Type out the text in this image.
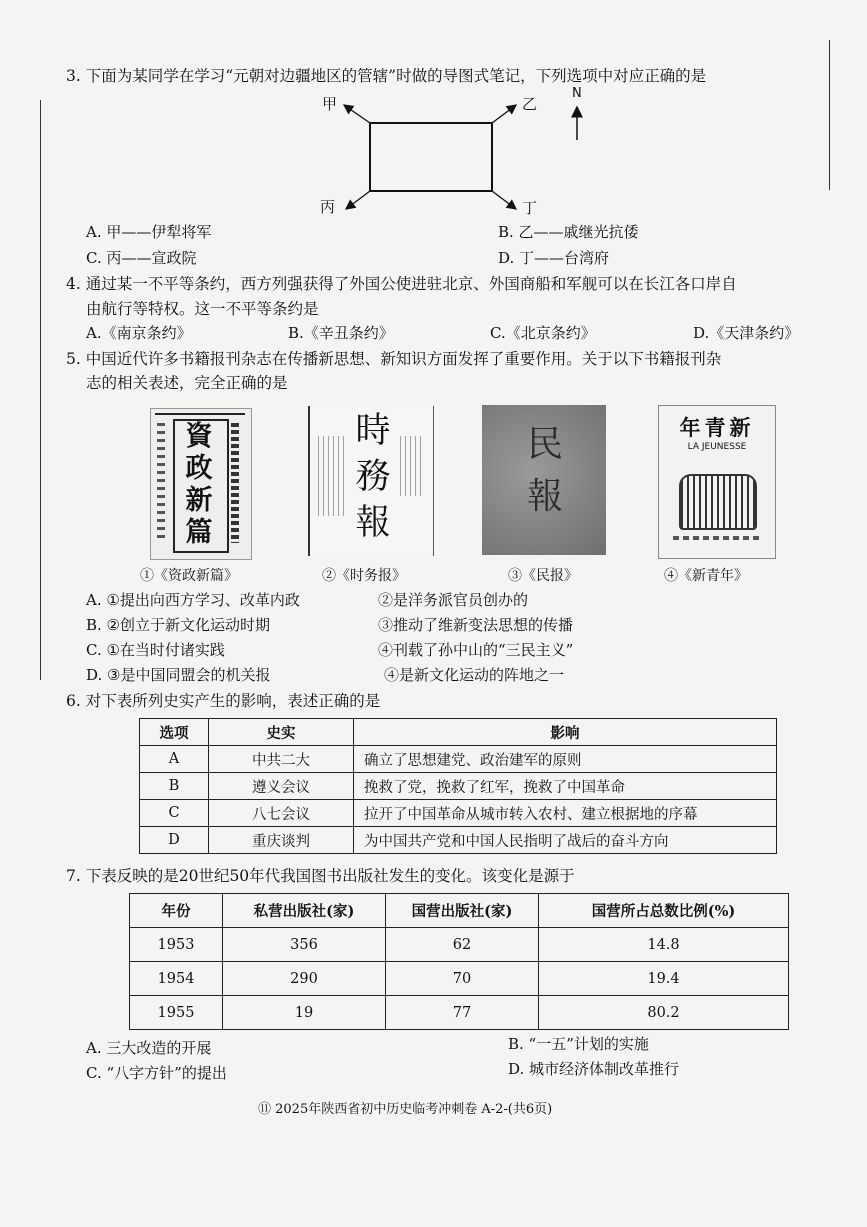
3. 下面为某同学在学习“元朝对边疆地区的管辖”时做的导图式笔记，下列选项中对应正确的是
甲	乙
丙	丁
N
A. 甲——伊犁将军	B. 乙——戚继光抗倭
C. 丙——宣政院	D. 丁——台湾府
4. 通过某一不平等条约，西方列强获得了外国公使进驻北京、外国商船和军舰可以在长江各口岸自
由航行等特权。这一不平等条约是
A.《南京条约》	B.《辛丑条约》	C.《北京条约》	D.《天津条约》
5. 中国近代许多书籍报刊杂志在传播新思想、新知识方面发挥了重要作用。关于以下书籍报刊杂
志的相关表述，完全正确的是
資政新篇
①《资政新篇》
時務報
②《时务报》
民報
③《民报》
年青新
LA JEUNESSE
④《新青年》
A. ①提出向西方学习、改革内政	②是洋务派官员创办的
B. ②创立于新文化运动时期	③推动了维新变法思想的传播
C. ①在当时付诸实践	④刊载了孙中山的“三民主义”
D. ③是中国同盟会的机关报	④是新文化运动的阵地之一
6. 对下表所列史实产生的影响，表述正确的是
选项	史实	影响
A	中共二大	确立了思想建党、政治建军的原则
B	遵义会议	挽救了党，挽救了红军，挽救了中国革命
C	八七会议	拉开了中国革命从城市转入农村、建立根据地的序幕
D	重庆谈判	为中国共产党和中国人民指明了战后的奋斗方向
7. 下表反映的是20世纪50年代我国图书出版社发生的变化。该变化是源于
年份	私营出版社(家)	国营出版社(家)	国营所占总数比例(%)
1953	356	62	14.8
1954	290	70	19.4
1955	19	77	80.2
A. 三大改造的开展	B. “一五”计划的实施
C. “八字方针”的提出	D. 城市经济体制改革推行
⑪ 2025年陕西省初中历史临考冲刺卷 A-2-(共6页)
